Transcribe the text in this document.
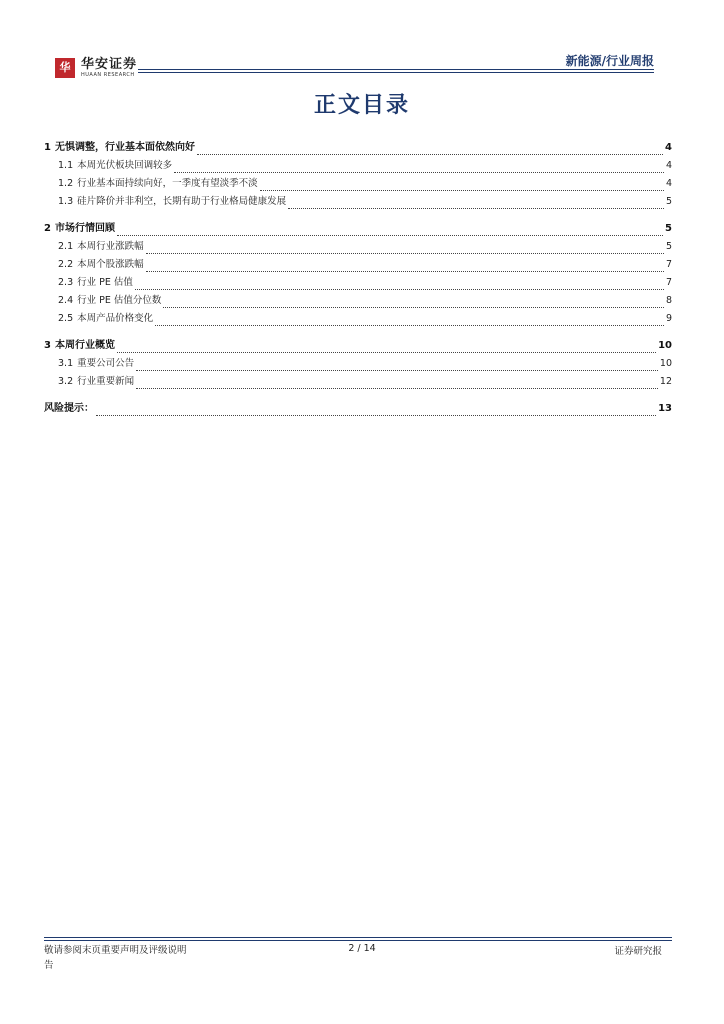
华 华安证券
HUAAN RESEARCH
新能源/行业周报
正文目录
1 无惧调整，行业基本面依然向好	4
1.1 本周光伏板块回调较多	4
1.2 行业基本面持续向好，一季度有望淡季不淡	4
1.3 硅片降价并非利空，长期有助于行业格局健康发展	5
2 市场行情回顾	5
2.1 本周行业涨跌幅	5
2.2 本周个股涨跌幅	7
2.3 行业 PE 估值	7
2.4 行业 PE 估值分位数	8
2.5 本周产品价格变化	9
3 本周行业概览	10
3.1 重要公司公告	10
3.2 行业重要新闻	12
风险提示：	13
敬请参阅末页重要声明及评级说明
告
2 / 14	证券研究报
